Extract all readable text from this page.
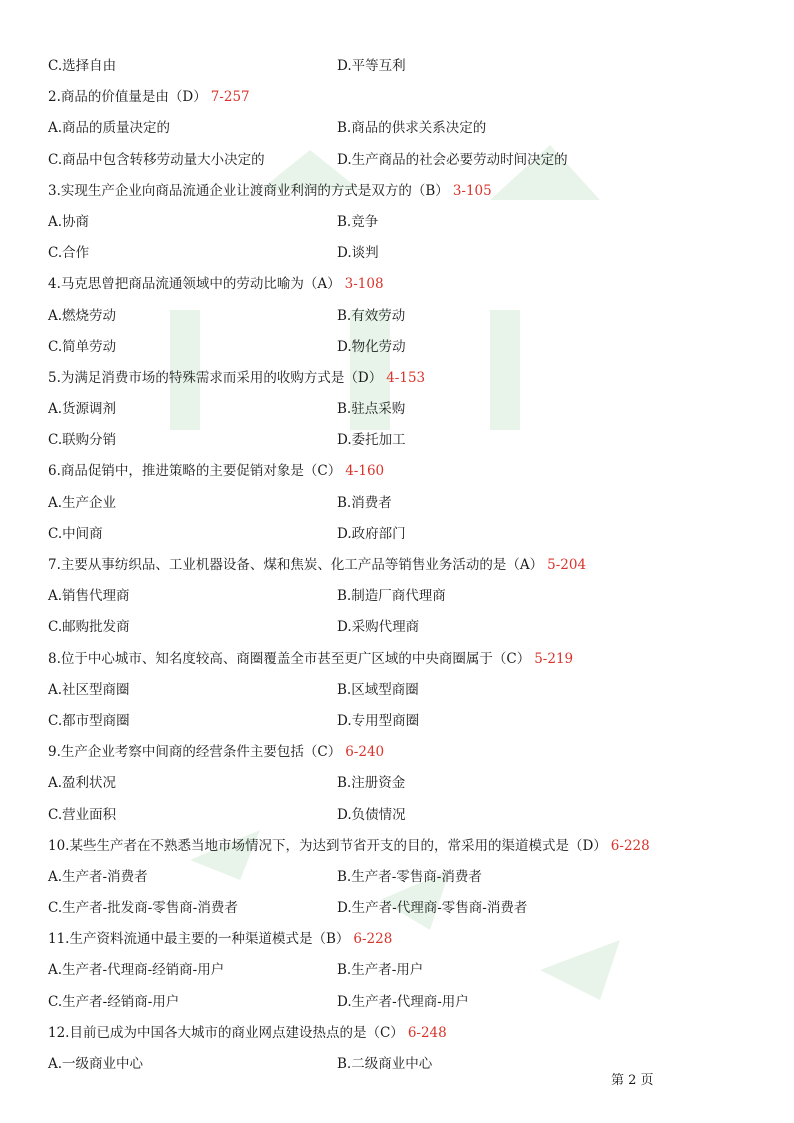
C.选择自由	D.平等互利
2.商品的价值量是由（D） 7-257
A.商品的质量决定的	B.商品的供求关系决定的
C.商品中包含转移劳动量大小决定的	D.生产商品的社会必要劳动时间决定的
3.实现生产企业向商品流通企业让渡商业利润的方式是双方的（B） 3-105
A.协商	B.竞争
C.合作	D.谈判
4.马克思曾把商品流通领域中的劳动比喻为（A） 3-108
A.燃烧劳动	B.有效劳动
C.简单劳动	D.物化劳动
5.为满足消费市场的特殊需求而采用的收购方式是（D） 4-153
A.货源调剂	B.驻点采购
C.联购分销	D.委托加工
6.商品促销中，推进策略的主要促销对象是（C） 4-160
A.生产企业	B.消费者
C.中间商	D.政府部门
7.主要从事纺织品、工业机器设备、煤和焦炭、化工产品等销售业务活动的是（A） 5-204
A.销售代理商	B.制造厂商代理商
C.邮购批发商	D.采购代理商
8.位于中心城市、知名度较高、商圈覆盖全市甚至更广区域的中央商圈属于（C） 5-219
A.社区型商圈	B.区域型商圈
C.都市型商圈	D.专用型商圈
9.生产企业考察中间商的经营条件主要包括（C） 6-240
A.盈利状况	B.注册资金
C.营业面积	D.负债情况
10.某些生产者在不熟悉当地市场情况下，为达到节省开支的目的，常采用的渠道模式是（D） 6-228
A.生产者-消费者	B.生产者-零售商-消费者
C.生产者-批发商-零售商-消费者	D.生产者-代理商-零售商-消费者
11.生产资料流通中最主要的一种渠道模式是（B） 6-228
A.生产者-代理商-经销商-用户	B.生产者-用户
C.生产者-经销商-用户	D.生产者-代理商-用户
12.目前已成为中国各大城市的商业网点建设热点的是（C） 6-248
A.一级商业中心	B.二级商业中心
第 2 页
